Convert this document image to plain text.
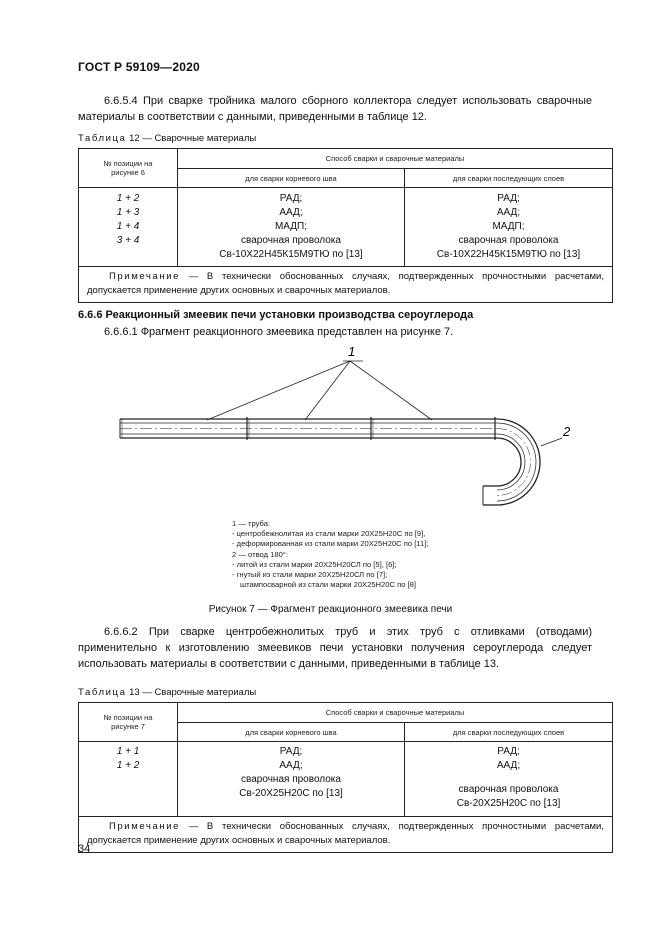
ГОСТ Р 59109—2020
6.6.5.4 При сварке тройника малого сборного коллектора следует использовать сварочные материалы в соответствии с данными, приведенными в таблице 12.
Таблица 12 — Сварочные материалы
№ позиции на рисунке 6	Способ сварки и сварочные материалы	
	для сварки корневого шва	для сварки последующих слоев
1 + 2
1 + 3
1 + 4
3 + 4	РАД;
ААД;
МАДП;
сварочная проволока
Св-10Х22Н45К15М9ТЮ по [13]	РАД;
ААД;
МАДП;
сварочная проволока
Св-10Х22Н45К15М9ТЮ по [13]
Примечание — В технически обоснованных случаях, подтвержденных прочностными расчетами, допускается применение других основных и сварочных материалов.		
6.6.6 Реакционный змеевик печи установки производства сероуглерода
6.6.6.1 Фрагмент реакционного змеевика представлен на рисунке 7.
1
2
1 — труба:
- центробежнолитая из стали марки 20Х25Н20С по [9],
- деформированная из стали марки 20Х25Н20С по [11];
2 — отвод 180°:
- литой из стали марки 20Х25Н20СЛ по [5], [6];
- гнутый из стали марки 20Х25Н20СЛ по [7];
штампосварной из стали марки 20Х25Н20С по [8]
Рисунок 7 — Фрагмент реакционного змеевика печи
6.6.6.2 При сварке центробежнолитых труб и этих труб с отливками (отводами) применительно к изготовлению змеевиков печи установки получения сероуглерода следует использовать материалы в соответствии с данными, приведенными в таблице 13.
Таблица 13 — Сварочные материалы
№ позиции на рисунке 7	Способ сварки и сварочные материалы	
	для сварки корневого шва	для сварки последующих слоев
1 + 1
1 + 2	РАД;
ААД;
сварочная проволока
Св-20Х25Н20С по [13]	РАД;
ААД;

сварочная проволока
Св-20Х25Н20С по [13]
Примечание — В технически обоснованных случаях, подтвержденных прочностными расчетами, допускается применение других основных и сварочных материалов.		
34
